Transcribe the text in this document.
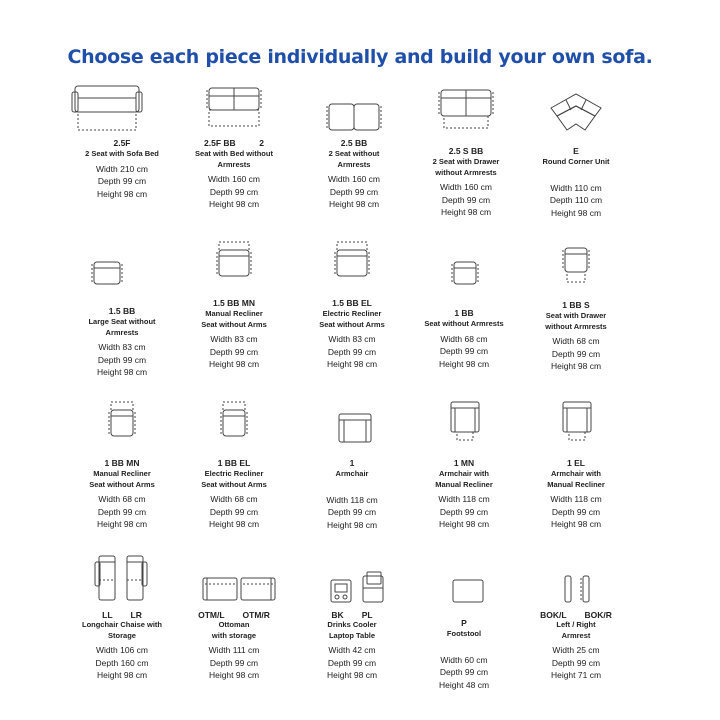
Choose each piece individually and build your own sofa.
2.5F
2 Seat with Sofa Bed
Width 210 cm
Depth 99 cm
Height 98 cm
2.5F BB          2
Seat with Bed without
Armrests
Width 160 cm
Depth 99 cm
Height 98 cm
2.5 BB
2 Seat without
Armrests
Width 160 cm
Depth 99 cm
Height 98 cm
2.5 S BB
2 Seat with Drawer
without Armrests
Width 160 cm
Depth 99 cm
Height 98 cm
E
Round Corner Unit
Width 110 cm
Depth 110 cm
Height 98 cm
1.5 BB
Large Seat without
Armrests
Width 83 cm
Depth 99 cm
Height 98 cm
1.5 BB MN
Manual Recliner
Seat without Arms
Width 83 cm
Depth 99 cm
Height 98 cm
1.5 BB EL
Electric Recliner
Seat without Arms
Width 83 cm
Depth 99 cm
Height 98 cm
1 BB
Seat without Armrests
Width 68 cm
Depth 99 cm
Height 98 cm
1 BB S
Seat with Drawer
without Armrests
Width 68 cm
Depth 99 cm
Height 98 cm
1 BB MN
Manual Recliner
Seat without Arms
Width 68 cm
Depth 99 cm
Height 98 cm
1 BB EL
Electric Recliner
Seat without Arms
Width 68 cm
Depth 99 cm
Height 98 cm
1
Armchair
Width 118 cm
Depth 99 cm
Height 98 cm
1 MN
Armchair with
Manual Recliner
Width 118 cm
Depth 99 cm
Height 98 cm
1 EL
Armchair with
Manual Recliner
Width 118 cm
Depth 99 cm
Height 98 cm
LL LR
Longchair Chaise with
Storage
Width 106 cm
Depth 160 cm
Height 98 cm
OTM/L OTM/R
Ottoman
with storage
Width 111 cm
Depth 99 cm
Height 98 cm
BK PL
Drinks Cooler
Laptop Table
Width 42 cm
Depth 99 cm
Height 98 cm
P
Footstool
Width 60 cm
Depth 99 cm
Height 48 cm
BOK/L BOK/R
Left / Right
Armrest
Width 25 cm
Depth 99 cm
Height 71 cm
